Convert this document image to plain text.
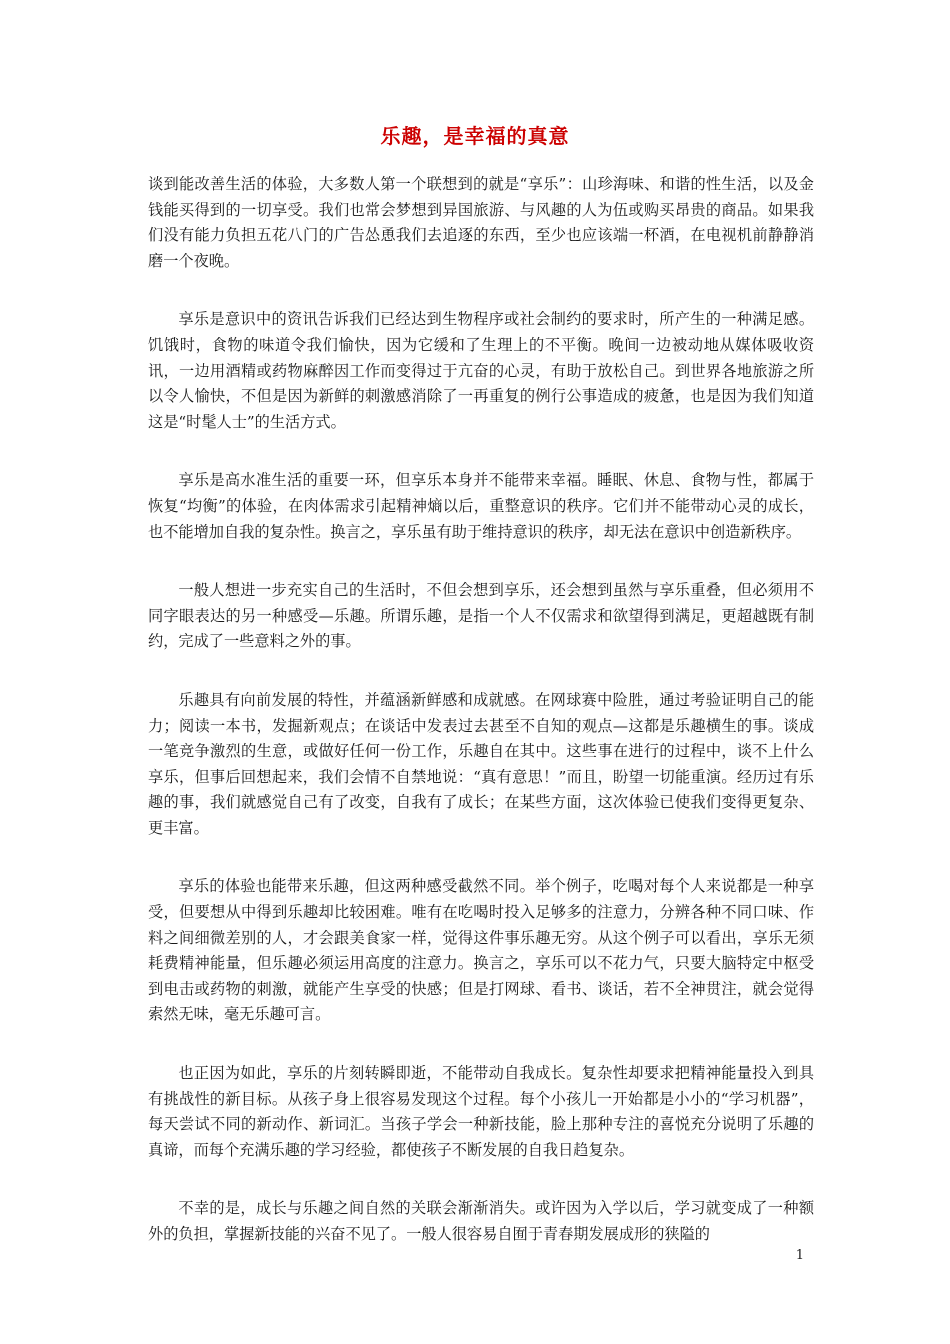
乐趣，是幸福的真意

谈到能改善生活的体验，大多数人第一个联想到的就是“享乐”：山珍海味、和谐的性生活，以及金钱能买得到的一切享受。我们也常会梦想到异国旅游、与风趣的人为伍或购买昂贵的商品。如果我们没有能力负担五花八门的广告怂恿我们去追逐的东西，至少也应该端一杯酒，在电视机前静静消磨一个夜晚。

享乐是意识中的资讯告诉我们已经达到生物程序或社会制约的要求时，所产生的一种满足感。饥饿时，食物的味道令我们愉快，因为它缓和了生理上的不平衡。晚间一边被动地从媒体吸收资讯，一边用酒精或药物麻醉因工作而变得过于亢奋的心灵，有助于放松自己。到世界各地旅游之所以令人愉快，不但是因为新鲜的刺激感消除了一再重复的例行公事造成的疲惫，也是因为我们知道这是“时髦人士”的生活方式。

享乐是高水准生活的重要一环，但享乐本身并不能带来幸福。睡眠、休息、食物与性，都属于恢复“均衡”的体验，在肉体需求引起精神熵以后，重整意识的秩序。它们并不能带动心灵的成长，也不能增加自我的复杂性。换言之，享乐虽有助于维持意识的秩序，却无法在意识中创造新秩序。

一般人想进一步充实自己的生活时，不但会想到享乐，还会想到虽然与享乐重叠，但必须用不同字眼表达的另一种感受—乐趣。所谓乐趣，是指一个人不仅需求和欲望得到满足，更超越既有制约，完成了一些意料之外的事。

乐趣具有向前发展的特性，并蕴涵新鲜感和成就感。在网球赛中险胜，通过考验证明自己的能力；阅读一本书，发掘新观点；在谈话中发表过去甚至不自知的观点—这都是乐趣横生的事。谈成一笔竞争激烈的生意，或做好任何一份工作，乐趣自在其中。这些事在进行的过程中，谈不上什么享乐，但事后回想起来，我们会情不自禁地说：“真有意思！”而且，盼望一切能重演。经历过有乐趣的事，我们就感觉自己有了改变，自我有了成长；在某些方面，这次体验已使我们变得更复杂、更丰富。

享乐的体验也能带来乐趣，但这两种感受截然不同。举个例子，吃喝对每个人来说都是一种享受，但要想从中得到乐趣却比较困难。唯有在吃喝时投入足够多的注意力，分辨各种不同口味、作料之间细微差别的人，才会跟美食家一样，觉得这件事乐趣无穷。从这个例子可以看出，享乐无须耗费精神能量，但乐趣必须运用高度的注意力。换言之，享乐可以不花力气，只要大脑特定中枢受到电击或药物的刺激，就能产生享受的快感；但是打网球、看书、谈话，若不全神贯注，就会觉得索然无味，毫无乐趣可言。

也正因为如此，享乐的片刻转瞬即逝，不能带动自我成长。复杂性却要求把精神能量投入到具有挑战性的新目标。从孩子身上很容易发现这个过程。每个小孩儿一开始都是小小的“学习机器”，每天尝试不同的新动作、新词汇。当孩子学会一种新技能，脸上那种专注的喜悦充分说明了乐趣的真谛，而每个充满乐趣的学习经验，都使孩子不断发展的自我日趋复杂。

不幸的是，成长与乐趣之间自然的关联会渐渐消失。或许因为入学以后，学习就变成了一种额外的负担，掌握新技能的兴奋不见了。一般人很容易自囿于青春期发展成形的狭隘的

1
